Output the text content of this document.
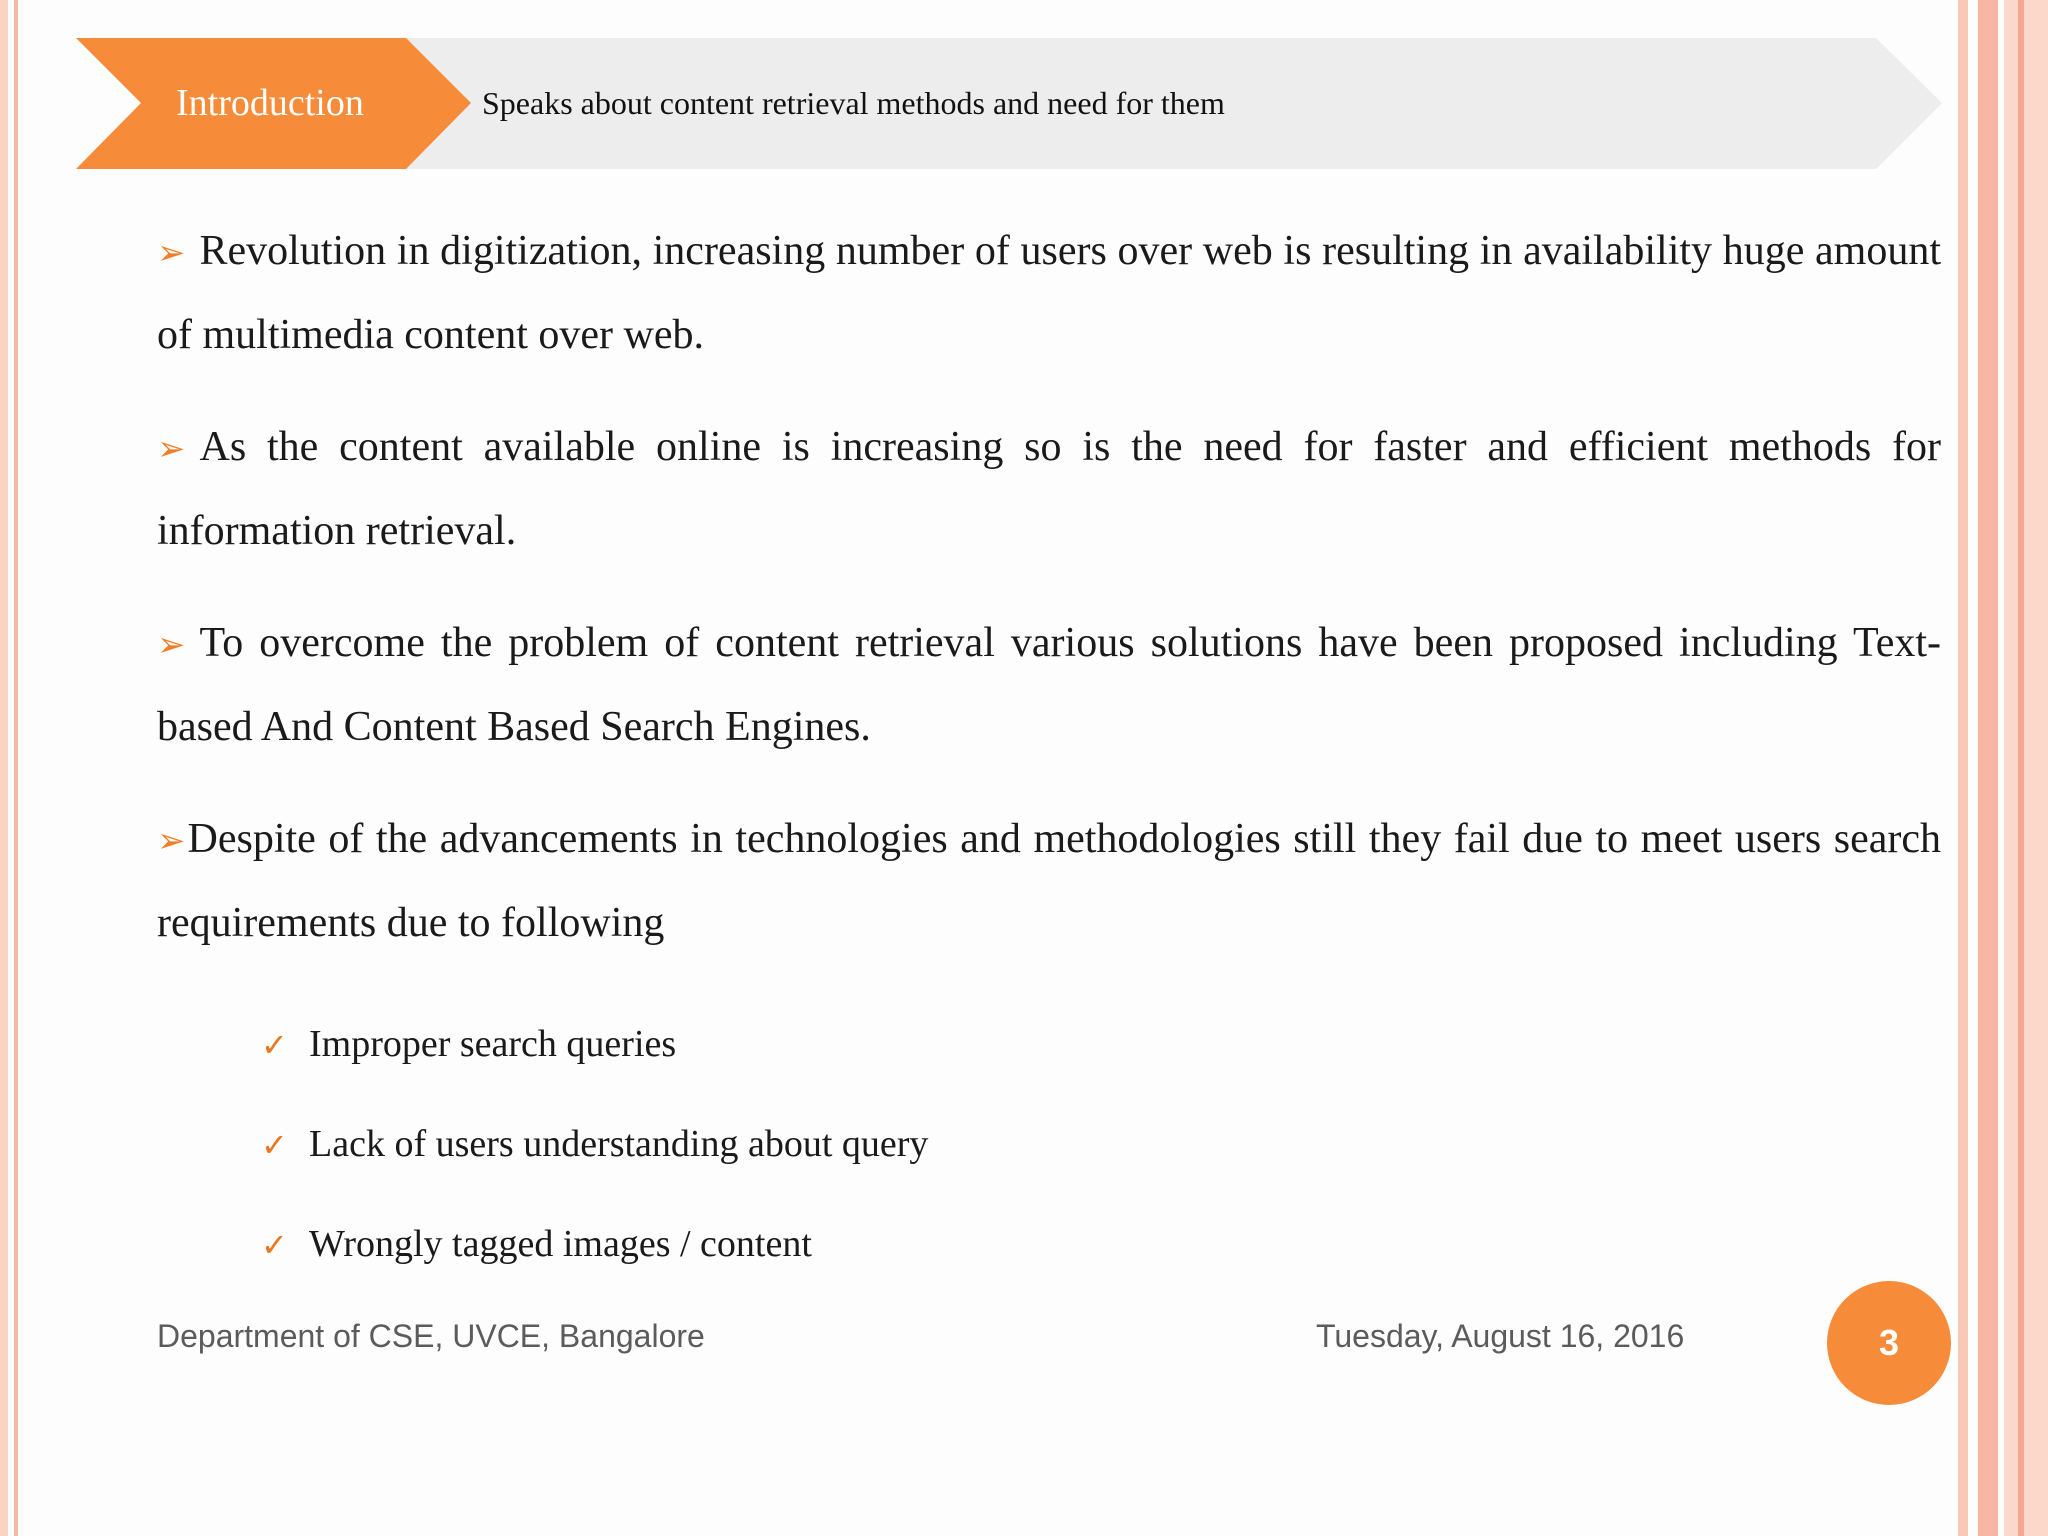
Introduction	Speaks about content retrieval methods and need for them

➢ Revolution in digitization, increasing number of users over web is resulting in availability huge amount of multimedia content over web.

➢ As the content available online is increasing so is the need for faster and efficient methods for information retrieval.

➢ To overcome the problem of content retrieval various solutions have been proposed including Text-based And Content Based Search Engines.

➢Despite of the advancements in technologies and methodologies still they fail due to meet users search requirements due to following

✓ Improper search queries
✓ Lack of users understanding about query
✓ Wrongly tagged images / content
Department of CSE, UVCE, Bangalore	Tuesday, August 16, 2016	3
